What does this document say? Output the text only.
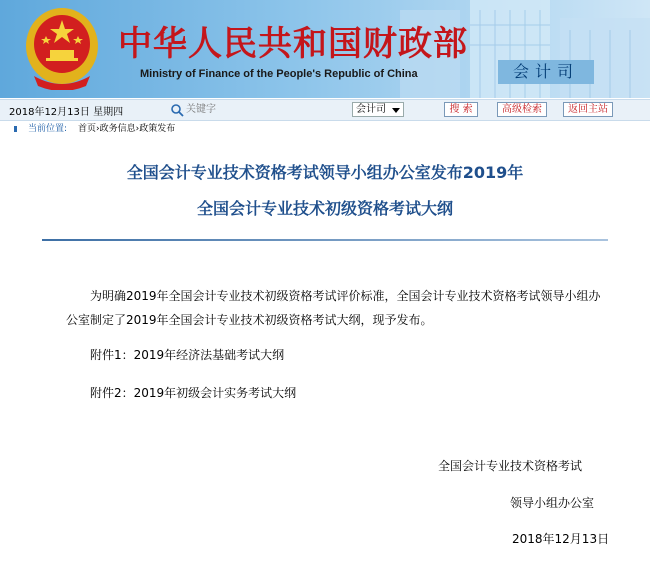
中华人民共和国财政部
Ministry of Finance of the People's Republic of China	会计司
2018年12月13日 星期四
关键字	会计司	搜 索	高级检索	返回主站
当前位置: 首页›政务信息›政策发布
全国会计专业技术资格考试领导小组办公室发布2019年
全国会计专业技术初级资格考试大纲
为明确2019年全国会计专业技术初级资格考试评价标准，全国会计专业技术资格考试领导小组办公室制定了2019年全国会计专业技术初级资格考试大纲，现予发布。
附件1：2019年经济法基础考试大纲
附件2：2019年初级会计实务考试大纲
全国会计专业技术资格考试
领导小组办公室
2018年12月13日
